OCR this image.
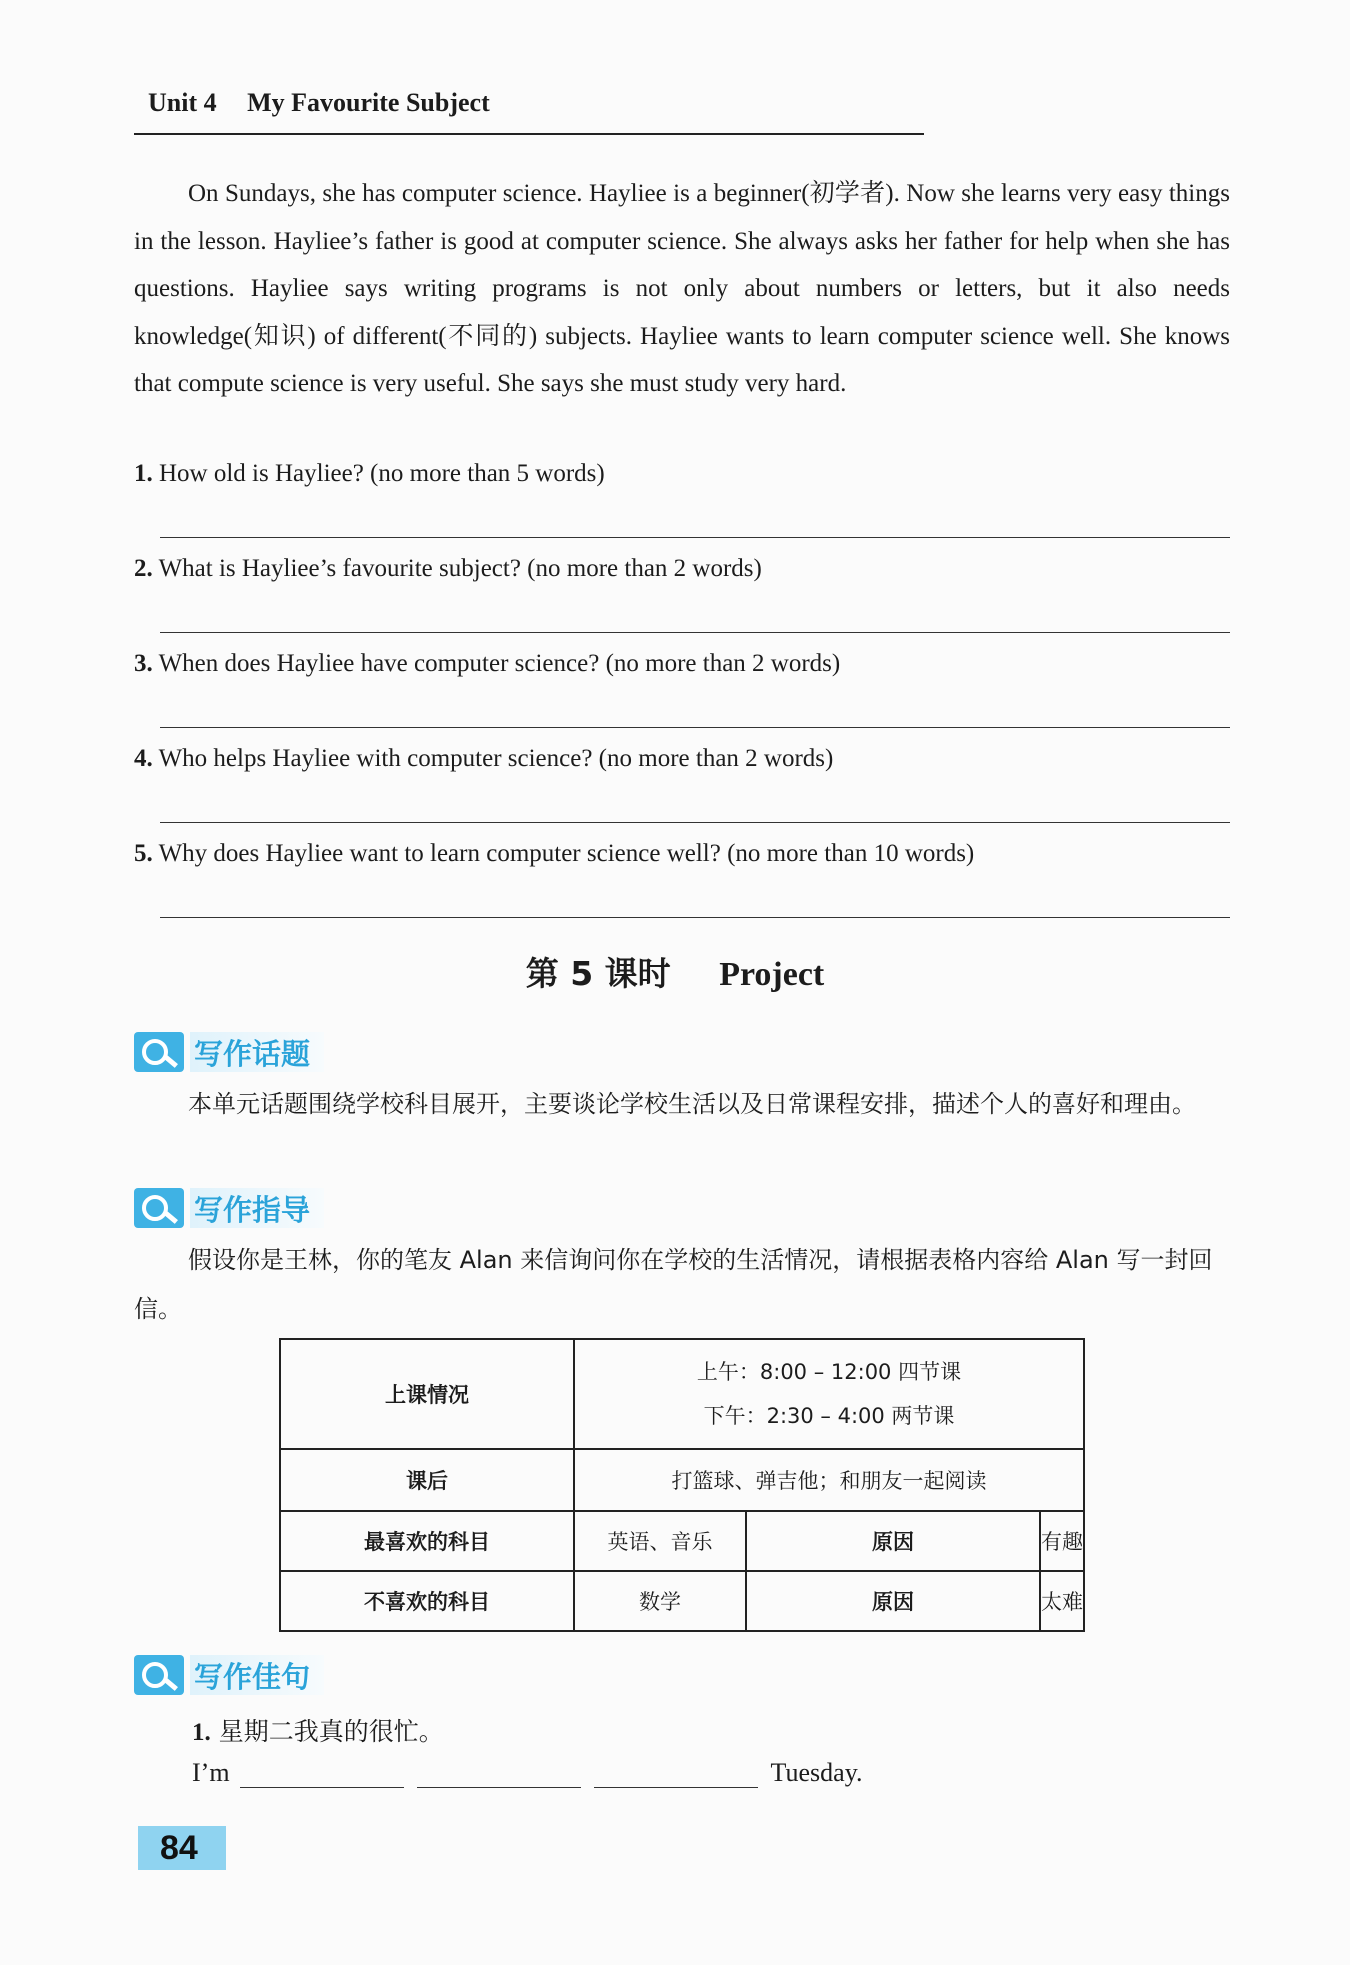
Unit 4 My Favourite Subject

On Sundays, she has computer science. Hayliee is a beginner(初学者). Now she learns very easy things in the lesson. Hayliee’s father is good at computer science. She always asks her father for help when she has questions. Hayliee says writing programs is not only about numbers or letters, but it also needs knowledge(知识) of different(不同的) subjects. Hayliee wants to learn computer science well. She knows that compute science is very useful. She says she must study very hard.

1. How old is Hayliee? (no more than 5 words)
2. What is Hayliee’s favourite subject? (no more than 2 words)
3. When does Hayliee have computer science? (no more than 2 words)
4. Who helps Hayliee with computer science? (no more than 2 words)
5. Why does Hayliee want to learn computer science well? (no more than 10 words)
第 5 课时 Project
写作话题

本单元话题围绕学校科目展开，主要谈论学校生活以及日常课程安排，描述个人的喜好和理由。

写作指导

假设你是王林，你的笔友 Alan 来信询问你在学校的生活情况，请根据表格内容给 Alan 写一封回信。

上课情况	上午：8:00 – 12:00 四节课
下午：2:30 – 4:00 两节课		

课后	打篮球、弹吉他；和朋友一起阅读		
最喜欢的科目	英语、音乐	原因	有趣
不喜欢的科目	数学	原因	太难
写作佳句
1. 星期二我真的很忙。
I’m	Tuesday.
84
